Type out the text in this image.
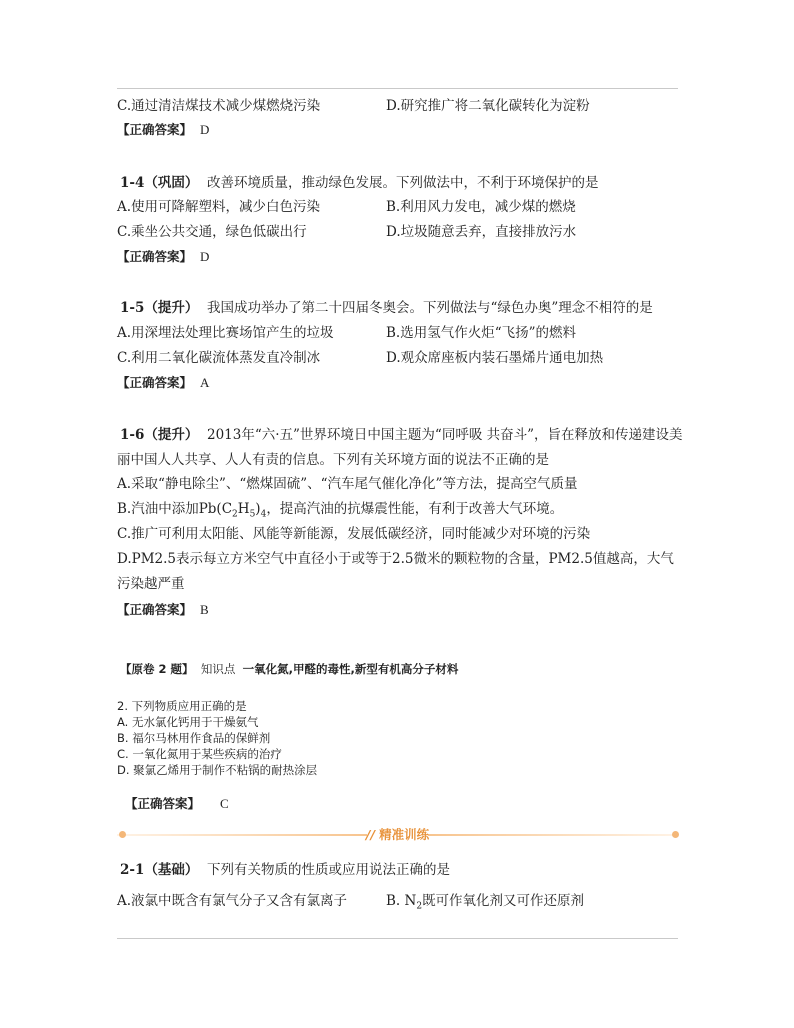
C.通过清洁煤技术减少煤燃烧污染	D.研究推广将二氧化碳转化为淀粉
【正确答案】 D
1-4（巩固） 改善环境质量，推动绿色发展。下列做法中，不利于环境保护的是
A.使用可降解塑料，减少白色污染	B.利用风力发电，减少煤的燃烧
C.乘坐公共交通，绿色低碳出行	D.垃圾随意丢弃，直接排放污水
【正确答案】 D
1-5（提升） 我国成功举办了第二十四届冬奥会。下列做法与“绿色办奥”理念不相符的是
A.用深埋法处理比赛场馆产生的垃圾	B.选用氢气作火炬“飞扬”的燃料
C.利用二氧化碳流体蒸发直冷制冰	D.观众席座板内装石墨烯片通电加热
【正确答案】 A
1-6（提升） 2013年“六·五”世界环境日中国主题为“同呼吸 共奋斗”，旨在释放和传递建设美
丽中国人人共享、人人有责的信息。下列有关环境方面的说法不正确的是
A.采取“静电除尘”、“燃煤固硫”、“汽车尾气催化净化”等方法，提高空气质量
B.汽油中添加$Pb(C_2H_5)_4$，提高汽油的抗爆震性能，有利于改善大气环境。
C.推广可利用太阳能、风能等新能源，发展低碳经济，同时能减少对环境的污染
D.PM2.5表示每立方米空气中直径小于或等于2.5微米的颗粒物的含量，PM2.5值越高，大气
污染越严重
【正确答案】 B
【原卷 2 题】 知识点 一氧化氮,甲醛的毒性,新型有机高分子材料
2. 下列物质应用正确的是
A. 无水氯化钙用于干燥氨气
B. 福尔马林用作食品的保鲜剂
C. 一氧化氮用于某些疾病的治疗
D. 聚氯乙烯用于制作不粘锅的耐热涂层
【正确答案】 C
// 精准训练
2-1（基础） 下列有关物质的性质或应用说法正确的是
A.液氯中既含有氯气分子又含有氯离子	B. $N_2$既可作氧化剂又可作还原剂
